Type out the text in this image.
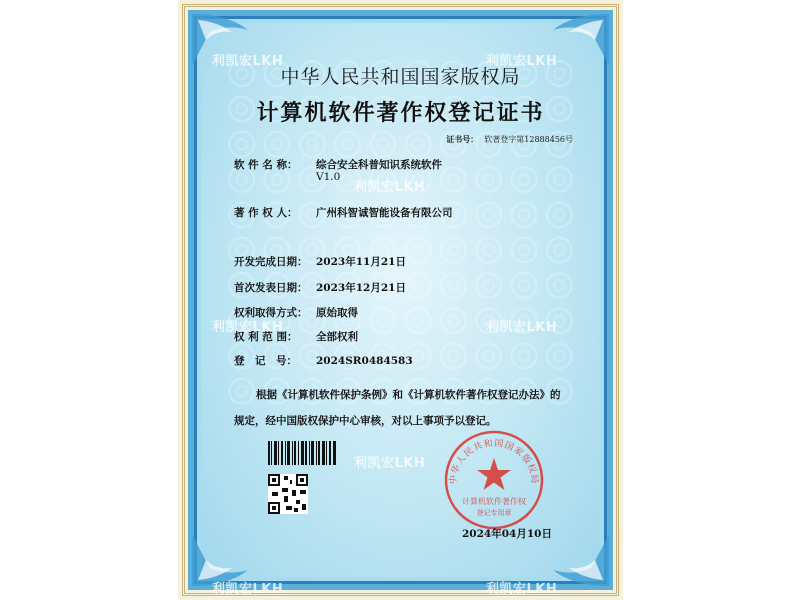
利凯宏LKH	利凯宏LKH
利凯宏LKH
利凯宏LKH	利凯宏LKH
利凯宏LKH
利凯宏LKH	利凯宏LKH
中华人民共和国国家版权局
计算机软件著作权登记证书
证书号： 软著登字第12888456号
软 件 名 称： 综合安全科普知识系统软件
V1.0
著 作 权 人： 广州科智诚智能设备有限公司
开发完成日期： 2023年11月21日
首次发表日期： 2023年12月21日
权利取得方式： 原始取得
权 利 范 围： 全部权利
登　记　号： 2024SR0484583
根据《计算机软件保护条例》和《计算机软件著作权登记办法》的
规定，经中国版权保护中心审核，对以上事项予以登记。
中华人民共和国国家版权局
计算机软件著作权
登记专用章
2024年04月10日
